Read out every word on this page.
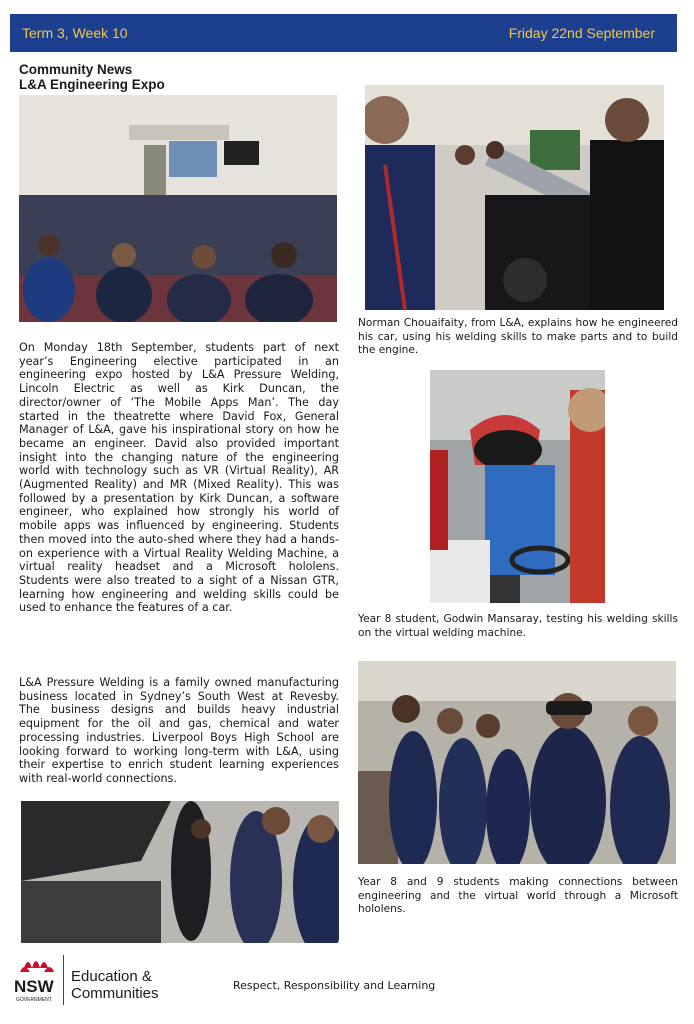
Term 3, Week 10	Friday 22nd September
Community News
L&A Engineering Expo

On Monday 18th September, students part of next year’s Engineering elective participated in an engineering expo hosted by L&A Pressure Welding, Lincoln Electric as well as Kirk Duncan, the director/owner of ‘The Mobile Apps Man’. The day started in the theatrette where David Fox, General Manager of L&A, gave his inspirational story on how he became an engineer. David also provided important insight into the changing nature of the engineering world with technology such as VR (Virtual Reality), AR (Augmented Reality) and MR (Mixed Reality). This was followed by a presentation by Kirk Duncan, a software engineer, who explained how strongly his world of mobile apps was influenced by engineering. Students then moved into the auto-shed where they had a hands-on experience with a Virtual Reality Welding Machine, a virtual reality headset and a Microsoft hololens. Students were also treated to a sight of a Nissan GTR, learning how engineering and welding skills could be used to enhance the features of a car.

L&A Pressure Welding is a family owned manufacturing business located in Sydney’s South West at Revesby. The business designs and builds heavy industrial equipment for the oil and gas, chemical and water processing industries. Liverpool Boys High School are looking forward to working long-term with L&A, using their expertise to enrich student learning experiences with real-world connections.

Norman Chouaifaity, from L&A, explains how he engineered his car, using his welding skills to make parts and to build the engine.

Year 8 student, Godwin Mansaray, testing his welding skills on the virtual welding machine.

Year 8 and 9 students making connections between engineering and the virtual world through a Microsoft hololens.

NSW
GOVERNMENT
Education &
Communities	Respect, Responsibility and Learning
